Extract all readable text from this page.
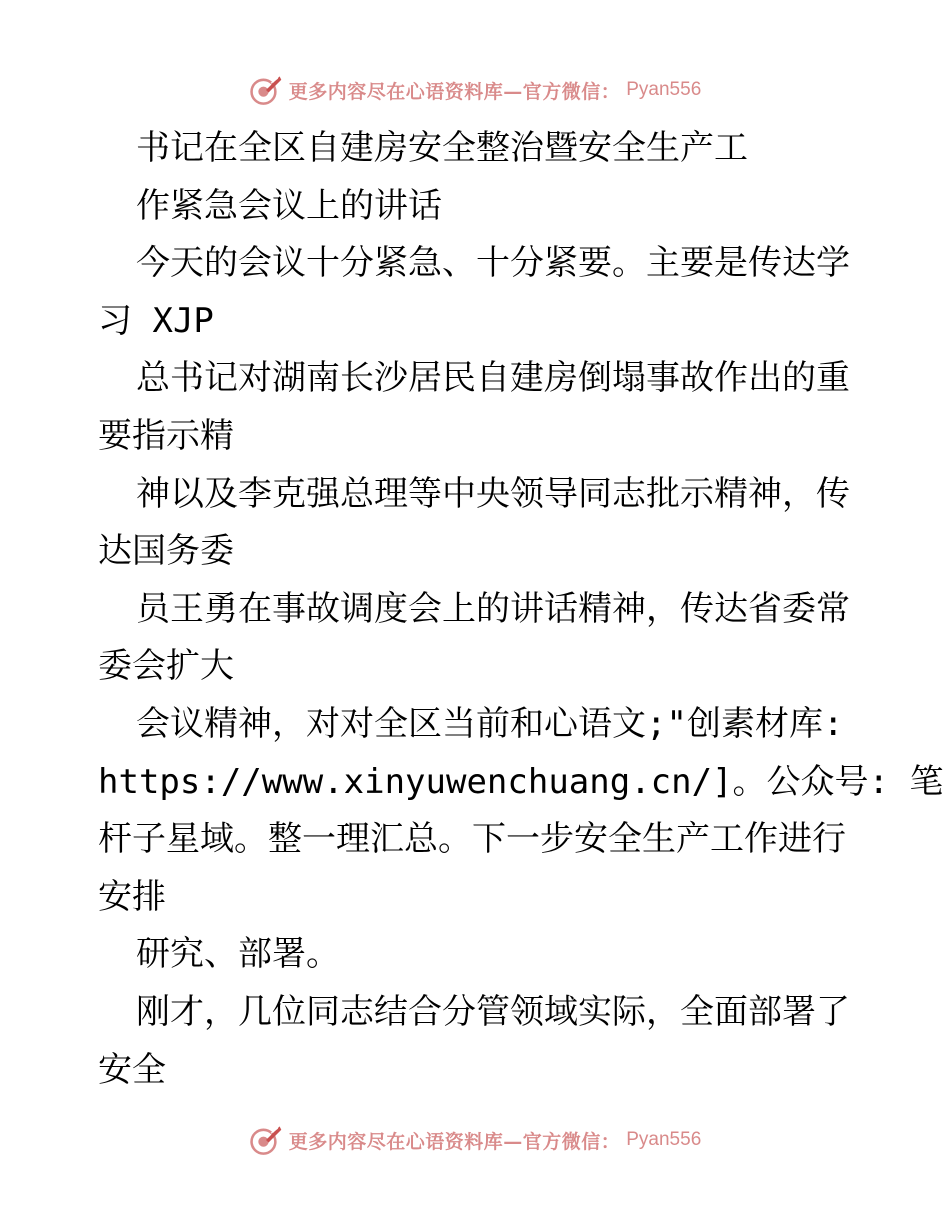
更多内容尽在心语资料库—官方微信： Pyan556
书记在全区自建房安全整治暨安全生产工
作紧急会议上的讲话
今天的会议十分紧急、十分紧要。主要是传达学
习 XJP
总书记对湖南长沙居民自建房倒塌事故作出的重
要指示精
神以及李克强总理等中央领导同志批示精神，传
达国务委
员王勇在事故调度会上的讲话精神，传达省委常
委会扩大
会议精神，对对全区当前和心语文;"创素材库:
https://www.xinyuwenchuang.cn/]。公众号: 笔
杆子星域。整一理汇总。下一步安全生产工作进行
安排
研究、部署。
刚才，几位同志结合分管领域实际，全面部署了
安全
更多内容尽在心语资料库—官方微信： Pyan556
